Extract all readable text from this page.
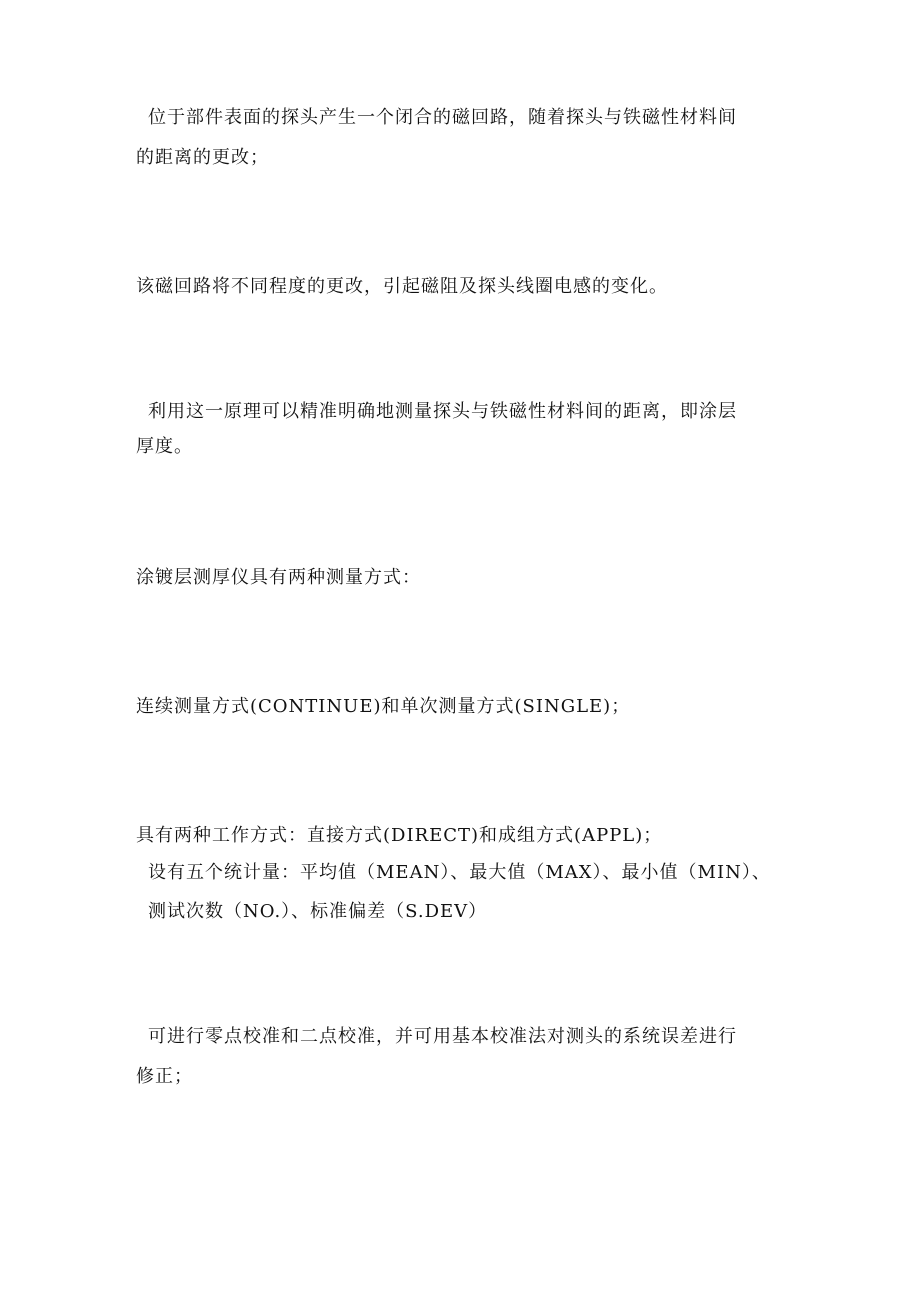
位于部件表面的探头产生一个闭合的磁回路，随着探头与铁磁性材料间
的距离的更改；
该磁回路将不同程度的更改，引起磁阻及探头线圈电感的变化。
利用这一原理可以精准明确地测量探头与铁磁性材料间的距离，即涂层
厚度。
涂镀层测厚仪具有两种测量方式：
连续测量方式(CONTINUE)和单次测量方式(SINGLE)；
具有两种工作方式：直接方式(DIRECT)和成组方式(APPL)；
设有五个统计量：平均值（MEAN）、最大值（MAX）、最小值（MIN）、
测试次数（NO.）、标准偏差（S.DEV）
可进行零点校准和二点校准，并可用基本校准法对测头的系统误差进行
修正；
